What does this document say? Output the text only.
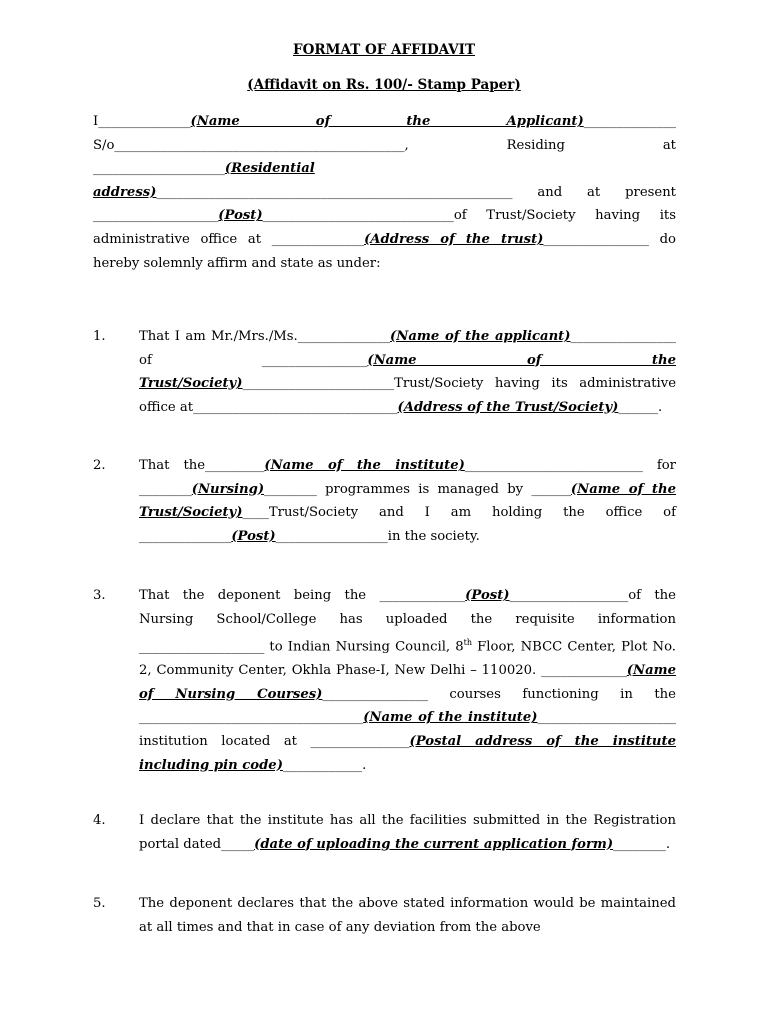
FORMAT OF AFFIDAVIT
(Affidavit on Rs. 100/- Stamp Paper)
I______________(Name of the Applicant)______________
S/o____________________________________________,	Residing	at
____________________(Residential
address)______________________________________________________ and at present
___________________(Post)_____________________________of Trust/Society having its
administrative office at ______________(Address of the trust)________________ do
hereby solemnly affirm and state as under:
1.	That I am Mr./Mrs./Ms.______________(Name of the applicant)________________ of ________________(Name of the Trust/Society)_______________________Trust/Society having its administrative office at_______________________________(Address of the Trust/Society)______.
2.	That the_________(Name of the institute)___________________________ for ________(Nursing)________ programmes is managed by ______(Name of the Trust/Society)____Trust/Society and I am holding the office of ______________(Post)_________________in the society.
3.	That the deponent being the _____________(Post)__________________of the Nursing School/College has uploaded the requisite information ___________________ to Indian Nursing Council, 8th Floor, NBCC Center, Plot No. 2, Community Center, Okhla Phase-I, New Delhi – 110020. _____________(Name of Nursing Courses)________________ courses functioning in the __________________________________(Name of the institute)_____________________ institution located at _______________(Postal address of the institute including pin code)____________.
4.	I declare that the institute has all the facilities submitted in the Registration portal dated_____(date of uploading the current application form)________.
5.	The deponent declares that the above stated information would be maintained at all times and that in case of any deviation from the above
